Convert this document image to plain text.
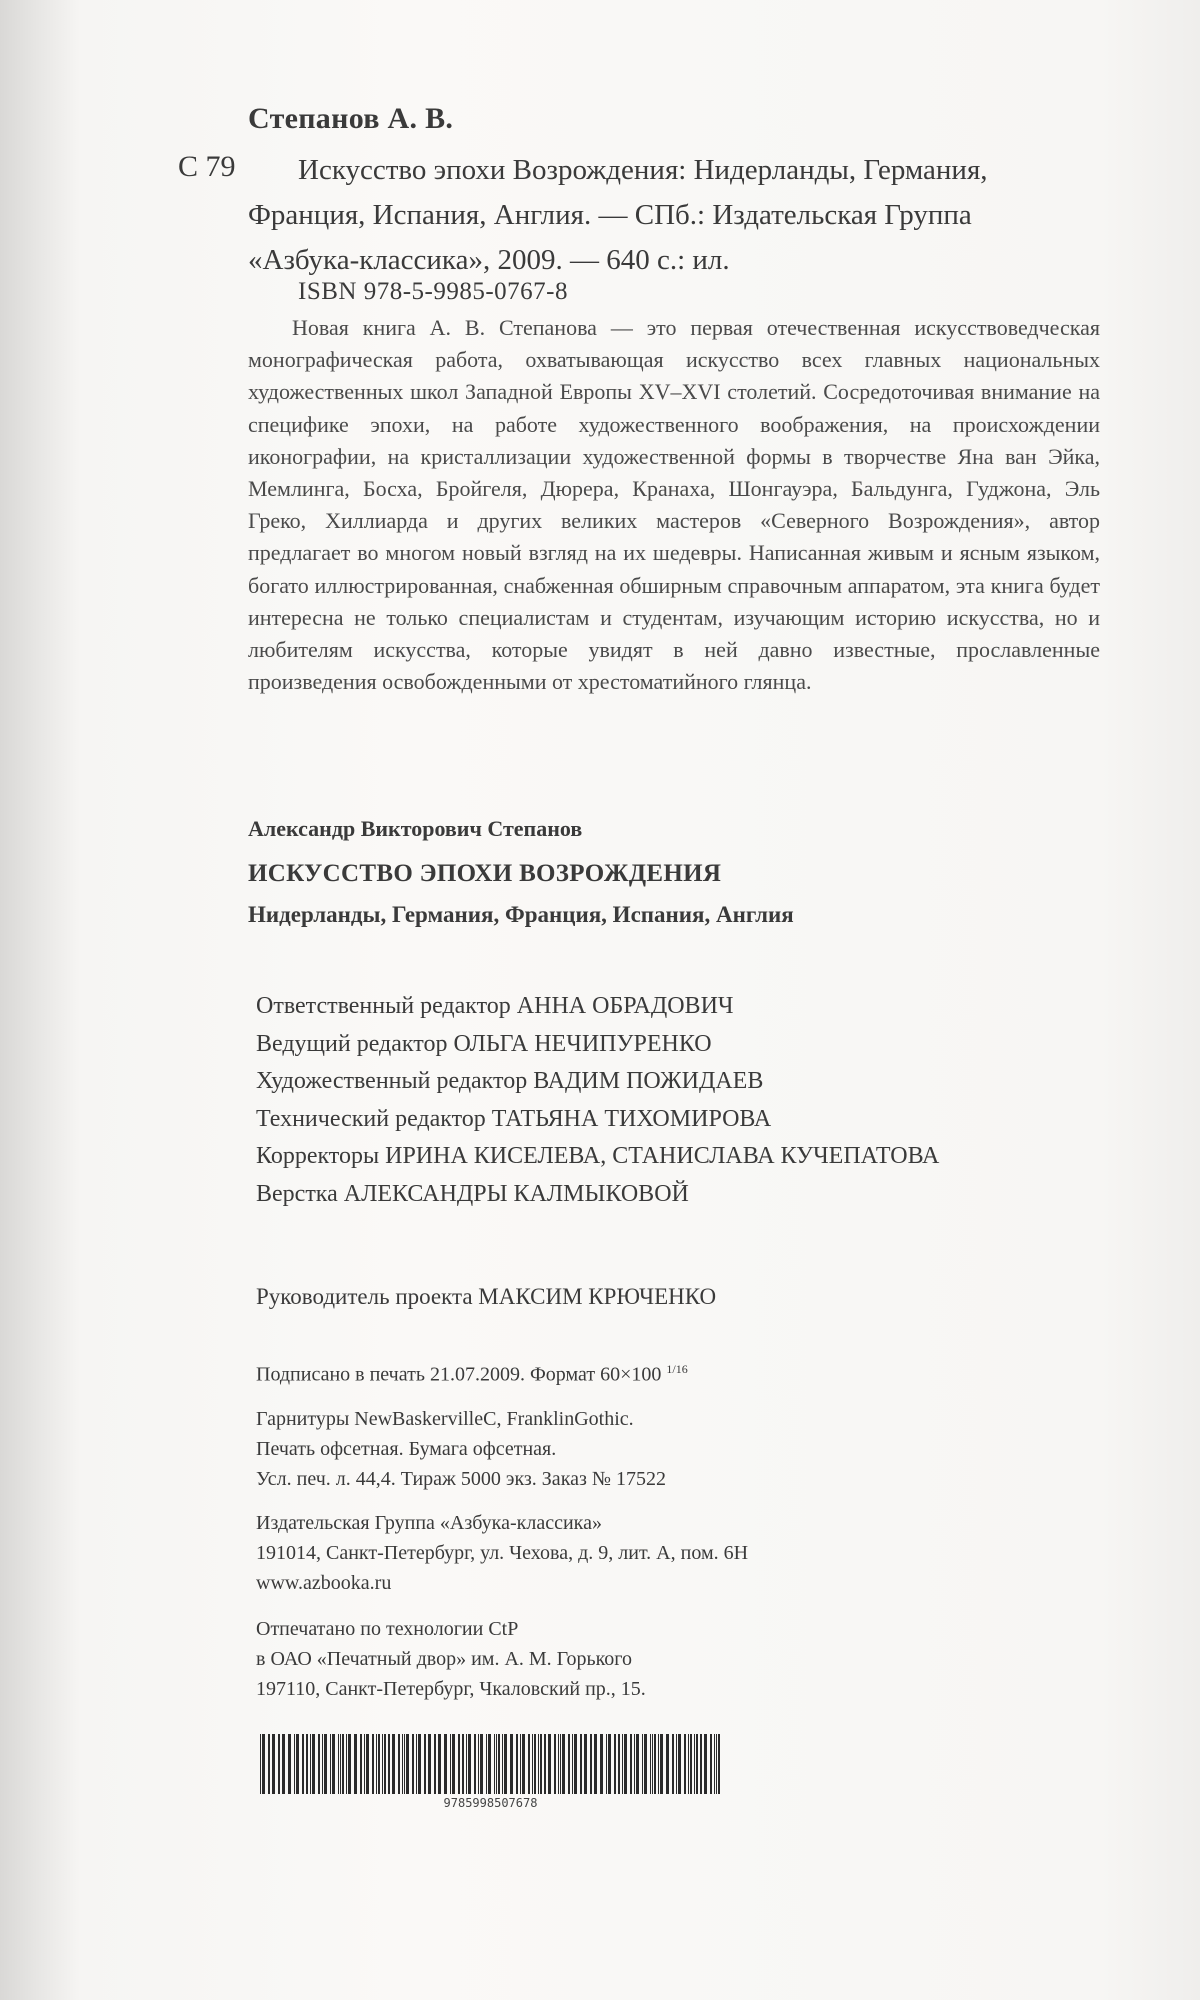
Степанов А. В.
С 79	Искусство эпохи Возрождения: Нидерланды, Германия,
Франция, Испания, Англия. — СПб.: Издательская Группа
«Азбука-классика», 2009. — 640 с.: ил.
ISBN 978-5-9985-0767-8
Новая книга А. В. Степанова — это первая отечественная искусствоведческая монографическая работа, охватывающая искусство всех главных национальных художественных школ Западной Европы XV–XVI столетий. Сосредоточивая внимание на специфике эпохи, на работе художественного воображения, на происхождении иконографии, на кристаллизации художественной формы в творчестве Яна ван Эйка, Мемлинга, Босха, Бройгеля, Дюрера, Кранаха, Шонгауэра, Бальдунга, Гуджона, Эль Греко, Хиллиарда и других великих мастеров «Северного Возрождения», автор предлагает во многом новый взгляд на их шедевры. Написанная живым и ясным языком, богато иллюстрированная, снабженная обширным справочным аппаратом, эта книга будет интересна не только специалистам и студентам, изучающим историю искусства, но и любителям искусства, которые увидят в ней давно известные, прославленные произведения освобожденными от хрестоматийного глянца.
Александр Викторович Степанов
ИСКУССТВО ЭПОХИ ВОЗРОЖДЕНИЯ
Нидерланды, Германия, Франция, Испания, Англия
Ответственный редактор АННА ОБРАДОВИЧ
Ведущий редактор ОЛЬГА НЕЧИПУРЕНКО
Художественный редактор ВАДИМ ПОЖИДАЕВ
Технический редактор ТАТЬЯНА ТИХОМИРОВА
Корректоры ИРИНА КИСЕЛЕВА, СТАНИСЛАВА КУЧЕПАТОВА
Верстка АЛЕКСАНДРЫ КАЛМЫКОВОЙ
Руководитель проекта МАКСИМ КРЮЧЕНКО
Подписано в печать 21.07.2009. Формат 60×100 $^{1/16}$
Гарнитуры NewBaskervilleC, FranklinGothic.
Печать офсетная. Бумага офсетная.
Усл. печ. л. 44,4. Тираж 5000 экз. Заказ № 17522
Издательская Группа «Азбука-классика»
191014, Санкт-Петербург, ул. Чехова, д. 9, лит. А, пом. 6Н
www.azbooka.ru
Отпечатано по технологии CtP
в ОАО «Печатный двор» им. А. М. Горького
197110, Санкт-Петербург, Чкаловский пр., 15.
9785998507678
